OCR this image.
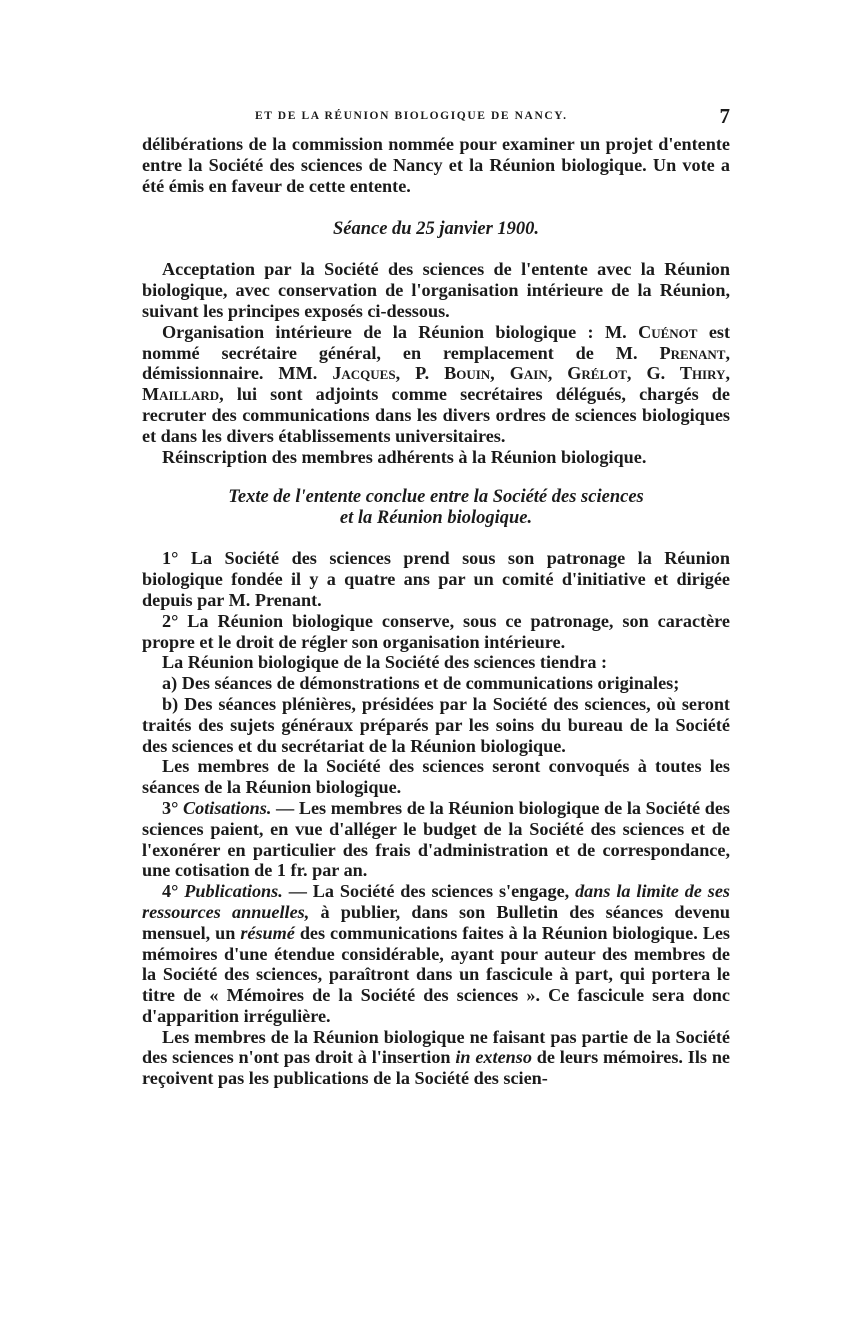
ET DE LA RÉUNION BIOLOGIQUE DE NANCY.	7

délibérations de la commission nommée pour examiner un projet d'entente entre la Société des sciences de Nancy et la Réunion biologique. Un vote a été émis en faveur de cette entente.

Séance du 25 janvier 1900.

Acceptation par la Société des sciences de l'entente avec la Réunion biologique, avec conservation de l'organisation intérieure de la Réunion, suivant les principes exposés ci-dessous.

Organisation intérieure de la Réunion biologique : M. Cuénot est nommé secrétaire général, en remplacement de M. Prenant, démissionnaire. MM. Jacques, P. Bouin, Gain, Grélot, G. Thiry, Maillard, lui sont adjoints comme secrétaires délégués, chargés de recruter des communications dans les divers ordres de sciences biologiques et dans les divers établissements universitaires.

Réinscription des membres adhérents à la Réunion biologique.

Texte de l'entente conclue entre la Société des sciences
et la Réunion biologique.

1° La Société des sciences prend sous son patronage la Réunion biologique fondée il y a quatre ans par un comité d'initiative et dirigée depuis par M. Prenant.

2° La Réunion biologique conserve, sous ce patronage, son caractère propre et le droit de régler son organisation intérieure.

La Réunion biologique de la Société des sciences tiendra :

a) Des séances de démonstrations et de communications originales;

b) Des séances plénières, présidées par la Société des sciences, où seront traités des sujets généraux préparés par les soins du bureau de la Société des sciences et du secrétariat de la Réunion biologique.

Les membres de la Société des sciences seront convoqués à toutes les séances de la Réunion biologique.

3° Cotisations. — Les membres de la Réunion biologique de la Société des sciences paient, en vue d'alléger le budget de la Société des sciences et de l'exonérer en particulier des frais d'administration et de correspondance, une cotisation de 1 fr. par an.

4° Publications. — La Société des sciences s'engage, dans la limite de ses ressources annuelles, à publier, dans son Bulletin des séances devenu mensuel, un résumé des communications faites à la Réunion biologique. Les mémoires d'une étendue considérable, ayant pour auteur des membres de la Société des sciences, paraîtront dans un fascicule à part, qui portera le titre de « Mémoires de la Société des sciences ». Ce fascicule sera donc d'apparition irrégulière.

Les membres de la Réunion biologique ne faisant pas partie de la Société des sciences n'ont pas droit à l'insertion in extenso de leurs mémoires. Ils ne reçoivent pas les publications de la Société des scien-
